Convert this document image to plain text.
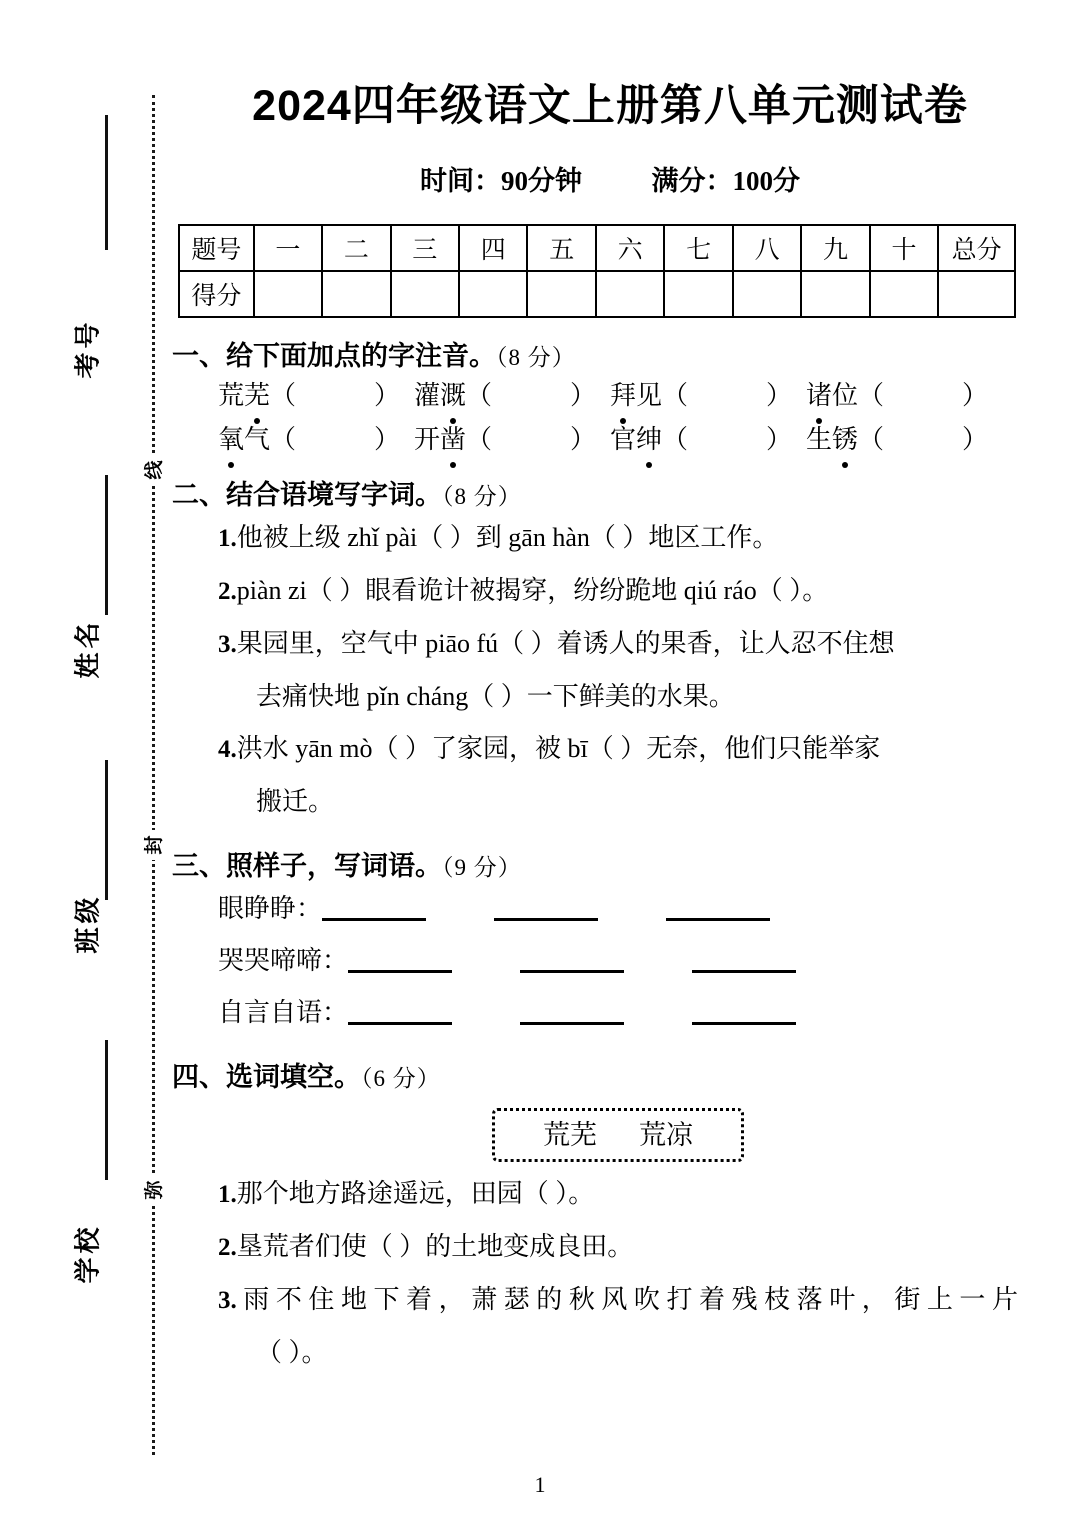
线
封
弥
考号
姓名
班级
学校
2024四年级语文上册第八单元测试卷
时间：90分钟	满分：100分
题号	一	二	三	四	五	六	七	八	九	十	总分
得分											
一、给下面加点的字注音。（8 分）
荒芜（	） 灌溉（	） 拜见（	） 诸位（	）
氧气（	） 开凿（	） 官绅（	） 生锈（	）
二、结合语境写字词。（8 分）
1.他被上级 zhǐ pài（ ）到 gān hàn（ ）地区工作。
2.piàn zi（ ）眼看诡计被揭穿，纷纷跪地 qiú ráo（ ）。
3.果园里，空气中 piāo fú（ ）着诱人的果香，让人忍不住想
去痛快地 pǐn cháng（ ）一下鲜美的水果。
4.洪水 yān mò（ ）了家园，被 bī（ ）无奈，他们只能举家
搬迁。
三、照样子，写词语。（9 分）
眼睁睁：
哭哭啼啼：
自言自语：
四、选词填空。（6 分）
荒芜 荒凉
1.那个地方路途遥远，田园（ ）。
2.垦荒者们使（ ）的土地变成良田。
3.雨不住地下着，萧瑟的秋风吹打着残枝落叶，街上一片
（ ）。
1
